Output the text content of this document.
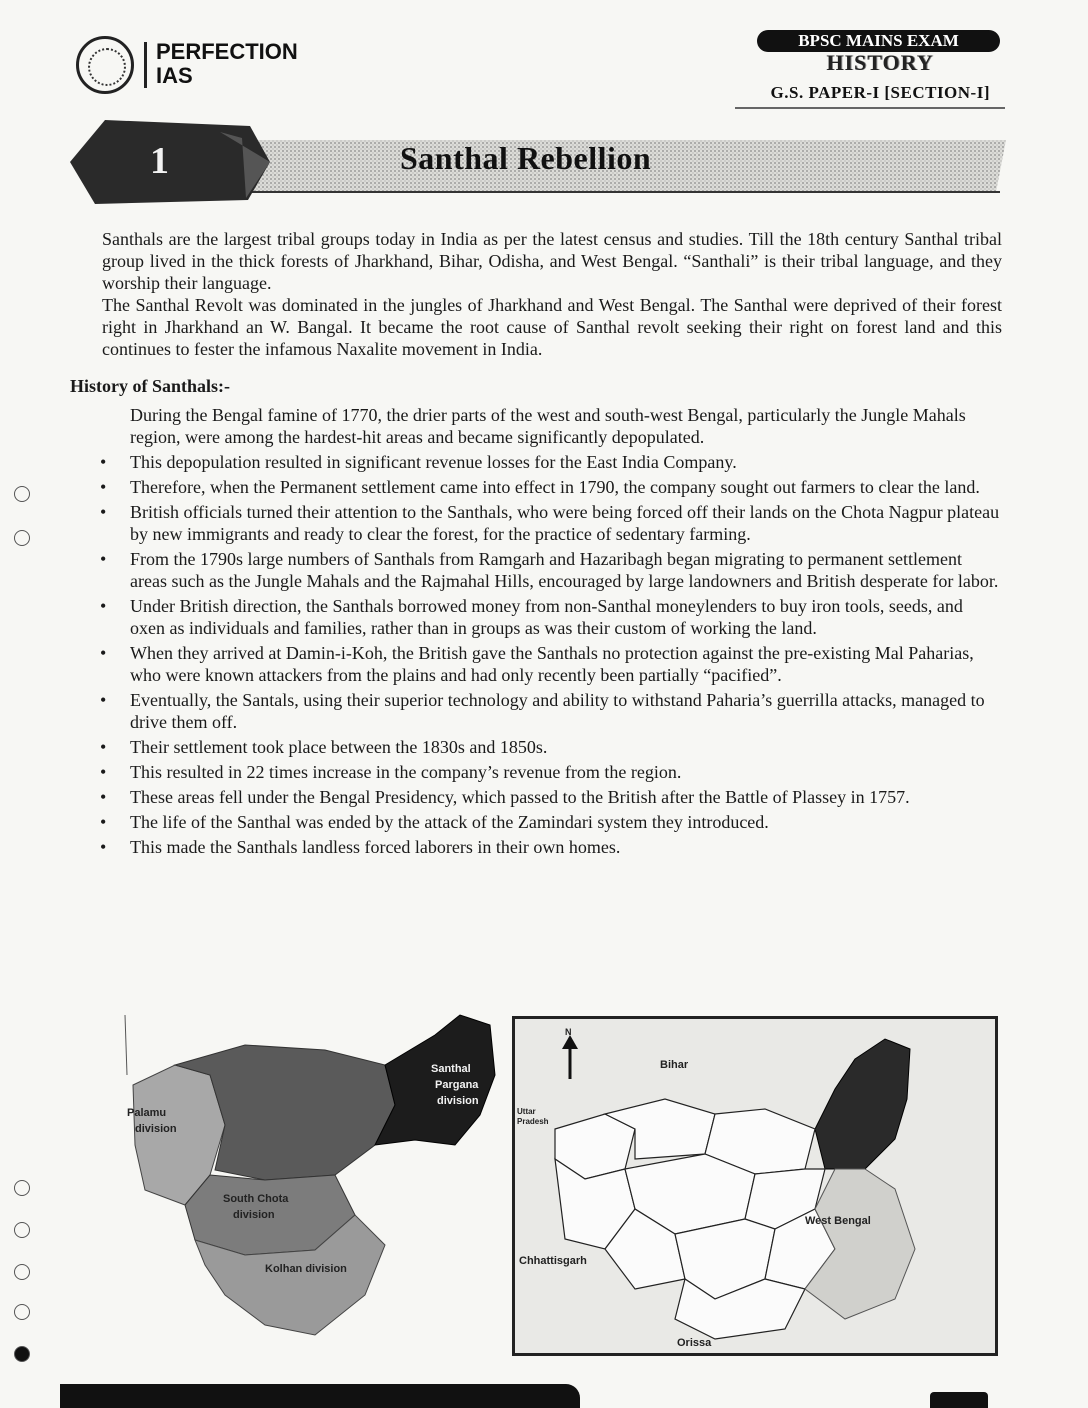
PERFECTION
IAS
BPSC MAINS EXAM
HISTORY
G.S. PAPER-I [SECTION-I]
1	Santhal Rebellion

Santhals are the largest tribal groups today in India as per the latest census and studies. Till the 18th century Santhal tribal group lived in the thick forests of Jharkhand, Bihar, Odisha, and West Bengal. “Santhali” is their tribal language, and they worship their language.

The Santhal Revolt was dominated in the jungles of Jharkhand and West Bengal. The Santhal were deprived of their forest right in Jharkhand an W. Bangal. It became the root cause of Santhal revolt seeking their right on forest land and this continues to fester the infamous Naxalite movement in India.

History of Santhals:-
During the Bengal famine of 1770, the drier parts of the west and south-west Bengal, particularly the Jungle Mahals region, were among the hardest-hit areas and became significantly depopulated.
• This depopulation resulted in significant revenue losses for the East India Company.
• Therefore, when the Permanent settlement came into effect in 1790, the company sought out farmers to clear the land.
• British officials turned their attention to the Santhals, who were being forced off their lands on the Chota Nagpur plateau by new immigrants and ready to clear the forest, for the practice of sedentary farming.
• From the 1790s large numbers of Santhals from Ramgarh and Hazaribagh began migrating to permanent settlement areas such as the Jungle Mahals and the Rajmahal Hills, encouraged by large landowners and British desperate for labor.
• Under British direction, the Santhals borrowed money from non-Santhal moneylenders to buy iron tools, seeds, and oxen as individuals and families, rather than in groups as was their custom of working the land.
• When they arrived at Damin-i-Koh, the British gave the Santhals no protection against the pre-existing Mal Paharias, who were known attackers from the plains and had only recently been partially “pacified”.
• Eventually, the Santals, using their superior technology and ability to withstand Paharia’s guerrilla attacks, managed to drive them off.
• Their settlement took place between the 1830s and 1850s.
• This resulted in 22 times increase in the company’s revenue from the region.
• These areas fell under the Bengal Presidency, which passed to the British after the Battle of Plassey in 1757.
• The life of the Santhal was ended by the attack of the Zamindari system they introduced.
• This made the Santhals landless forced laborers in their own homes.
Santhal
Pargana
division
Palamu
division
South Chota
division
Kolhan division
N
Bihar
Uttar
Pradesh
West Bengal
Chhattisgarh
Orissa
